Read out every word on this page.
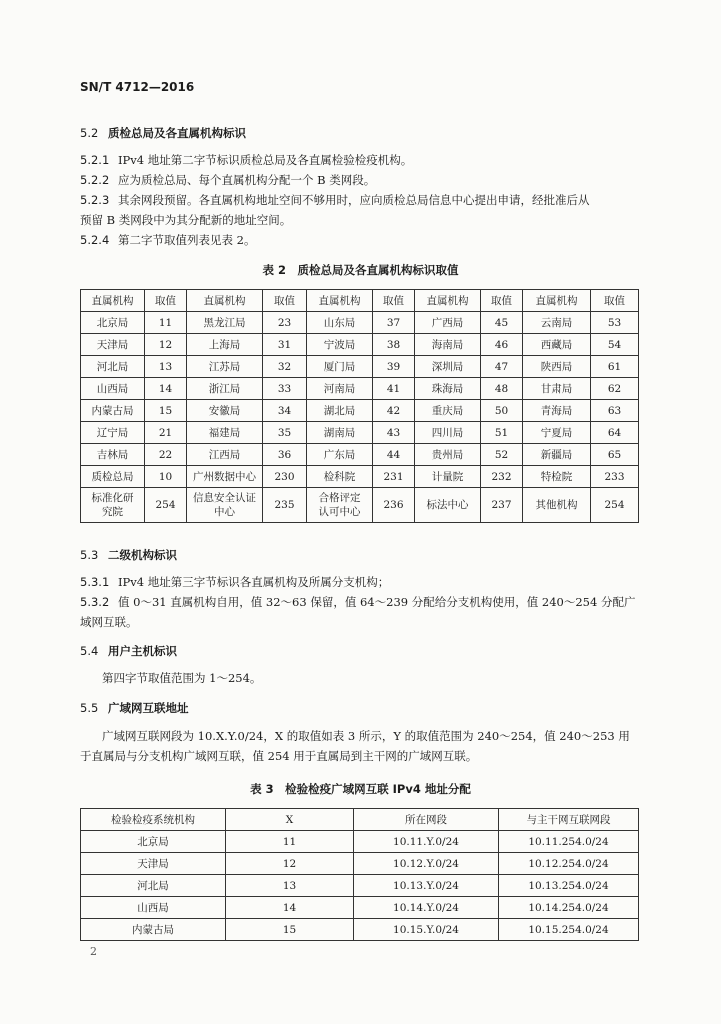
SN/T 4712—2016
5.2 质检总局及各直属机构标识
5.2.1 IPv4 地址第二字节标识质检总局及各直属检验检疫机构。
5.2.2 应为质检总局、每个直属机构分配一个 B 类网段。
5.2.3 其余网段预留。各直属机构地址空间不够用时，应向质检总局信息中心提出申请，经批准后从
预留 B 类网段中为其分配新的地址空间。
5.2.4 第二字节取值列表见表 2。
表 2　质检总局及各直属机构标识取值
直属机构	取值	直属机构	取值	直属机构	取值	直属机构	取值	直属机构	取值
北京局	11	黑龙江局	23	山东局	37	广西局	45	云南局	53
天津局	12	上海局	31	宁波局	38	海南局	46	西藏局	54
河北局	13	江苏局	32	厦门局	39	深圳局	47	陕西局	61
山西局	14	浙江局	33	河南局	41	珠海局	48	甘肃局	62
内蒙古局	15	安徽局	34	湖北局	42	重庆局	50	青海局	63
辽宁局	21	福建局	35	湖南局	43	四川局	51	宁夏局	64
吉林局	22	江西局	36	广东局	44	贵州局	52	新疆局	65
质检总局	10	广州数据中心	230	检科院	231	计量院	232	特检院	233
标准化研
究院	254	信息安全认证
中心	235	合格评定
认可中心	236	标法中心	237	其他机构	254
5.3 二级机构标识
5.3.1 IPv4 地址第三字节标识各直属机构及所属分支机构；
5.3.2 值 0～31 直属机构自用，值 32～63 保留，值 64～239 分配给分支机构使用，值 240～254 分配广
域网互联。
5.4 用户主机标识
第四字节取值范围为 1～254。
5.5 广域网互联地址
广域网互联网段为 10.X.Y.0/24，X 的取值如表 3 所示，Y 的取值范围为 240～254，值 240～253 用
于直属局与分支机构广域网互联，值 254 用于直属局到主干网的广域网互联。
表 3　检验检疫广域网互联 IPv4 地址分配
检验检疫系统机构	X	所在网段	与主干网互联网段
北京局	11	10.11.Y.0/24	10.11.254.0/24
天津局	12	10.12.Y.0/24	10.12.254.0/24
河北局	13	10.13.Y.0/24	10.13.254.0/24
山西局	14	10.14.Y.0/24	10.14.254.0/24
内蒙古局	15	10.15.Y.0/24	10.15.254.0/24
2
